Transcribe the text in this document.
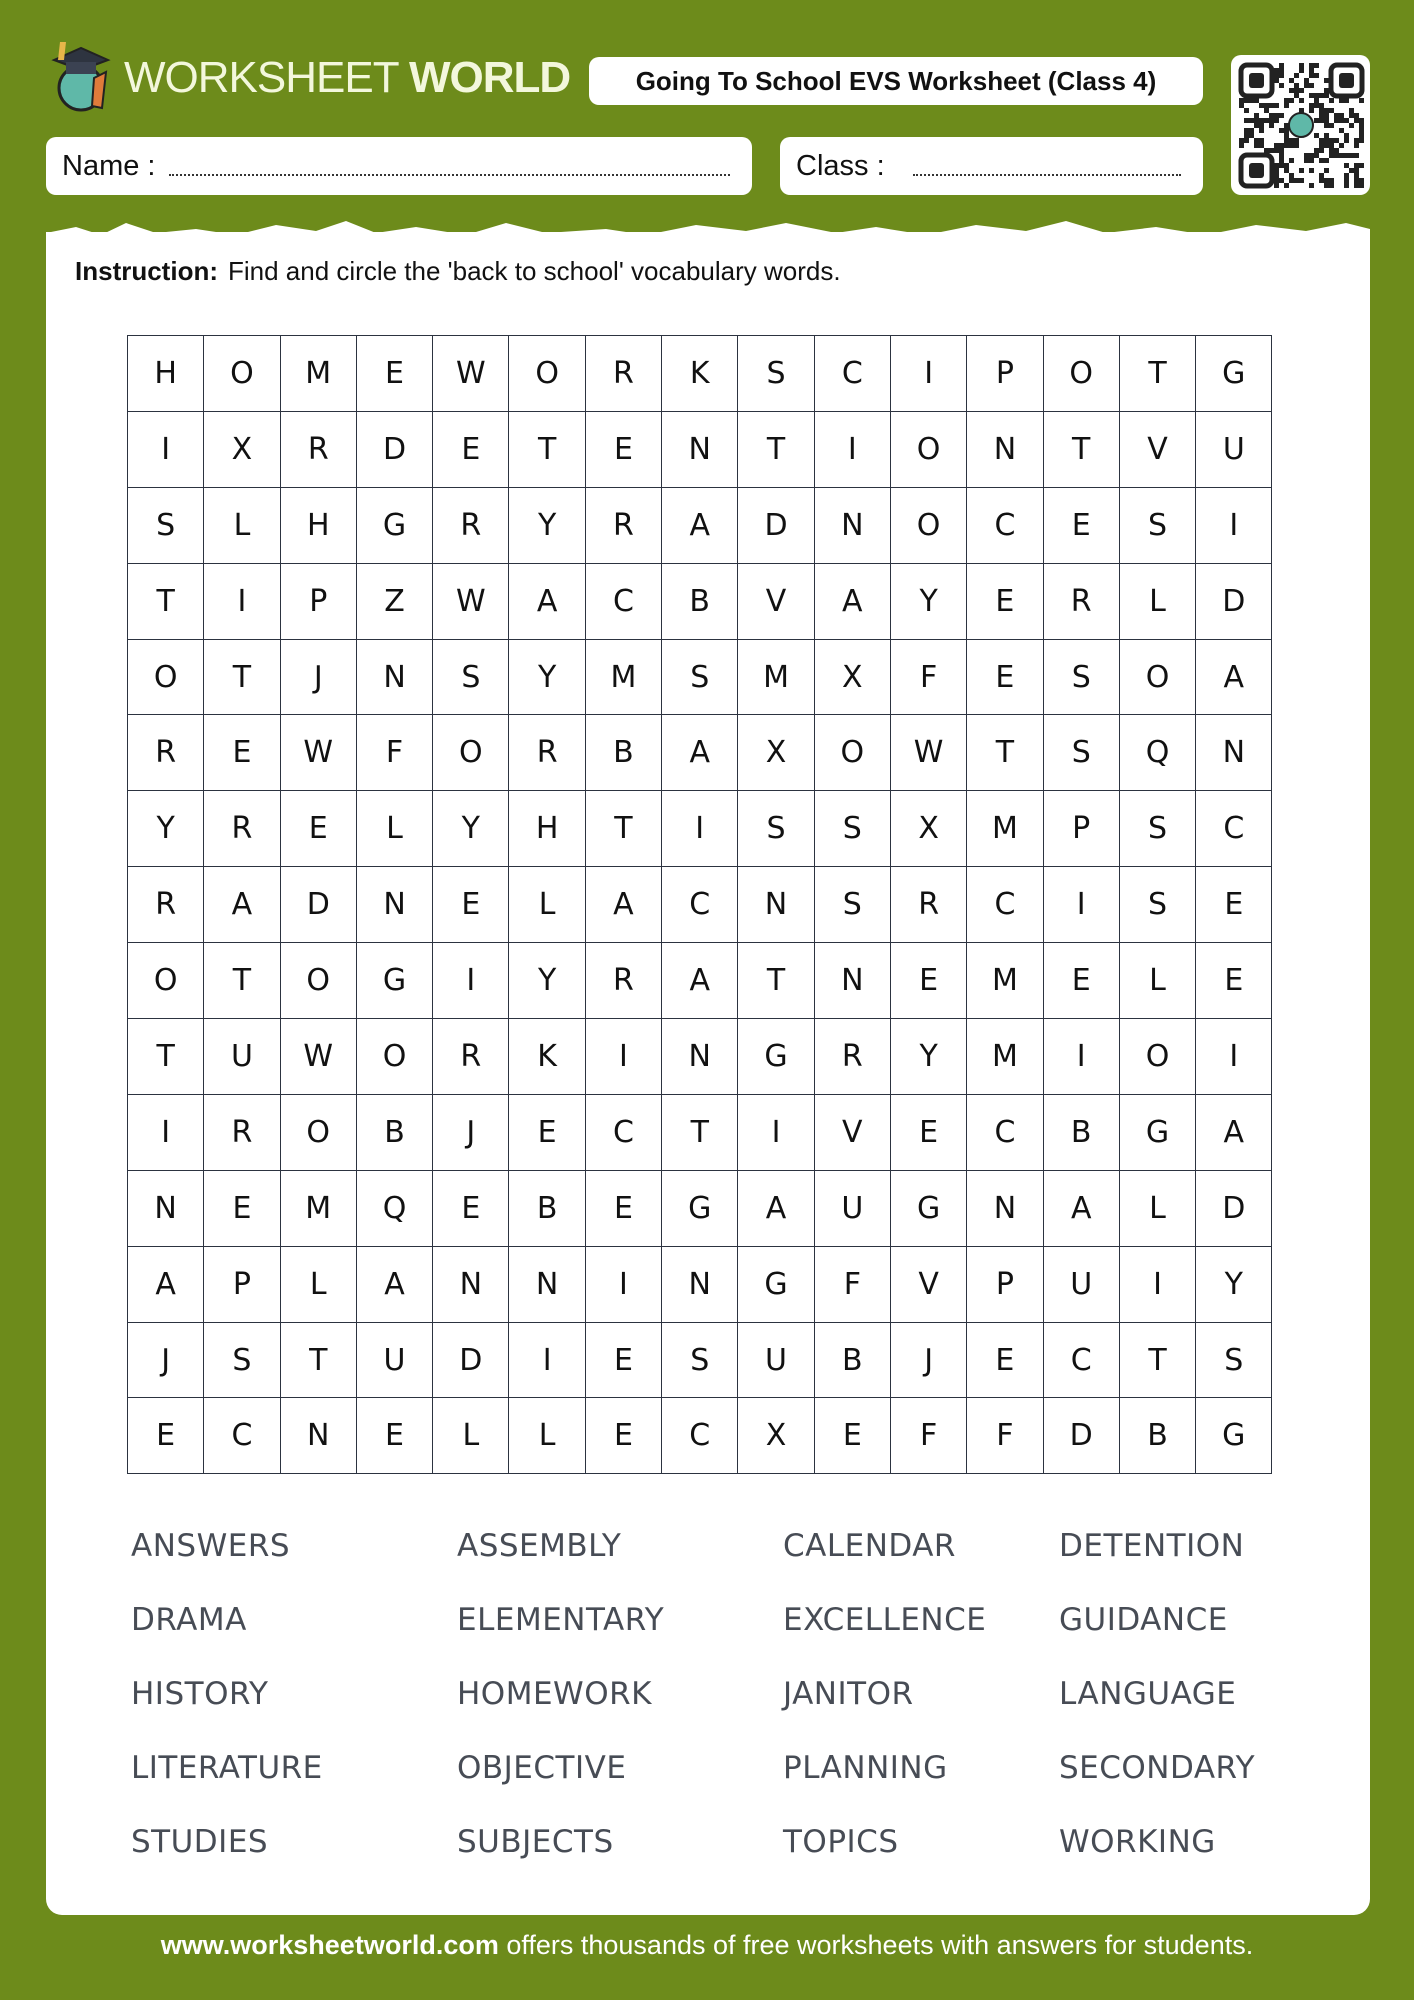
WORKSHEET WORLD	Going To School EVS Worksheet (Class 4)
Name :	Class :
Instruction: Find and circle the 'back to school' vocabulary words.
H	O	M	E	W	O	R	K	S	C	I	P	O	T	G
I	X	R	D	E	T	E	N	T	I	O	N	T	V	U
S	L	H	G	R	Y	R	A	D	N	O	C	E	S	I
T	I	P	Z	W	A	C	B	V	A	Y	E	R	L	D
O	T	J	N	S	Y	M	S	M	X	F	E	S	O	A
R	E	W	F	O	R	B	A	X	O	W	T	S	Q	N
Y	R	E	L	Y	H	T	I	S	S	X	M	P	S	C
R	A	D	N	E	L	A	C	N	S	R	C	I	S	E
O	T	O	G	I	Y	R	A	T	N	E	M	E	L	E
T	U	W	O	R	K	I	N	G	R	Y	M	I	O	I
I	R	O	B	J	E	C	T	I	V	E	C	B	G	A
N	E	M	Q	E	B	E	G	A	U	G	N	A	L	D
A	P	L	A	N	N	I	N	G	F	V	P	U	I	Y
J	S	T	U	D	I	E	S	U	B	J	E	C	T	S
E	C	N	E	L	L	E	C	X	E	F	F	D	B	G
ANSWERS	ASSEMBLY	CALENDAR	DETENTION
DRAMA	ELEMENTARY	EXCELLENCE	GUIDANCE
HISTORY	HOMEWORK	JANITOR	LANGUAGE
LITERATURE	OBJECTIVE	PLANNING	SECONDARY
STUDIES	SUBJECTS	TOPICS	WORKING
www.worksheetworld.com offers thousands of free worksheets with answers for students.
